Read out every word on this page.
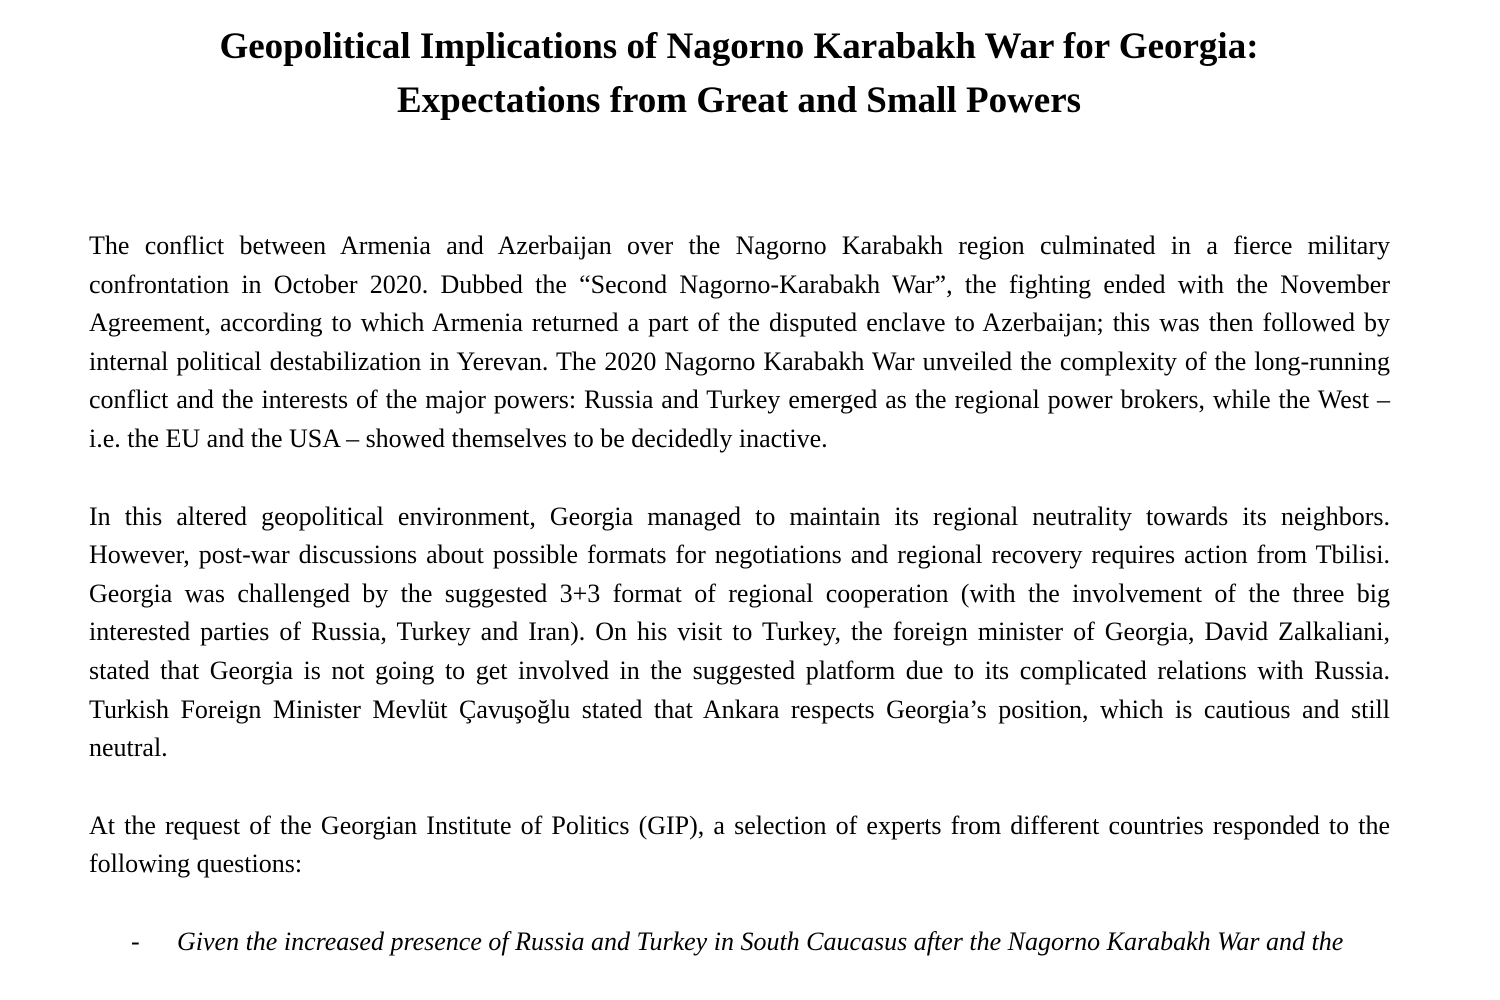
Geopolitical Implications of Nagorno Karabakh War for Georgia:
Expectations from Great and Small Powers

The conflict between Armenia and Azerbaijan over the Nagorno Karabakh region culminated in a fierce military confrontation in October 2020. Dubbed the “Second Nagorno-Karabakh War”, the fighting ended with the November Agreement, according to which Armenia returned a part of the disputed enclave to Azerbaijan; this was then followed by internal political destabilization in Yerevan. The 2020 Nagorno Karabakh War unveiled the complexity of the long-running conflict and the interests of the major powers: Russia and Turkey emerged as the regional power brokers, while the West – i.e. the EU and the USA – showed themselves to be decidedly inactive.

In this altered geopolitical environment, Georgia managed to maintain its regional neutrality towards its neighbors. However, post-war discussions about possible formats for negotiations and regional recovery requires action from Tbilisi. Georgia was challenged by the suggested 3+3 format of regional cooperation (with the involvement of the three big interested parties of Russia, Turkey and Iran). On his visit to Turkey, the foreign minister of Georgia, David Zalkaliani, stated that Georgia is not going to get involved in the suggested platform due to its complicated relations with Russia. Turkish Foreign Minister Mevlüt Çavuşoğlu stated that Ankara respects Georgia’s position, which is cautious and still neutral.

At the request of the Georgian Institute of Politics (GIP), a selection of experts from different countries responded to the following questions:

- Given the increased presence of Russia and Turkey in South Caucasus after the Nagorno Karabakh War and the
